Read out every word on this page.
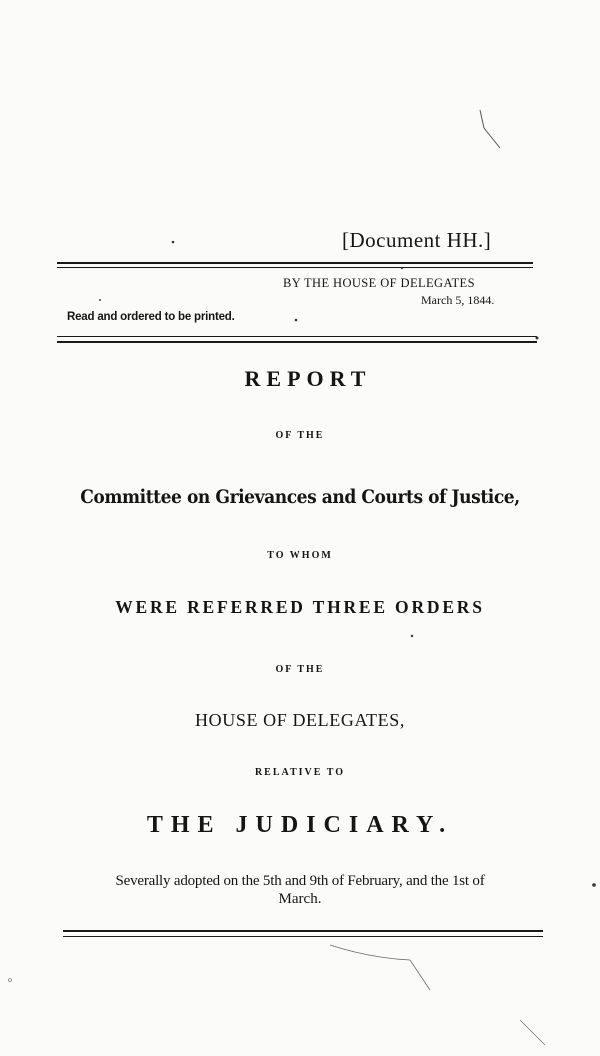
[Document HH.]
BY THE HOUSE OF DELEGATES
March 5, 1844.
Read and ordered to be printed.
REPORT
OF THE
Committee on Grievances and Courts of Justice,
TO WHOM
WERE REFERRED THREE ORDERS
OF THE
HOUSE OF DELEGATES,
RELATIVE TO
THE JUDICIARY.
Severally adopted on the 5th and 9th of February, and the 1st of
March.
